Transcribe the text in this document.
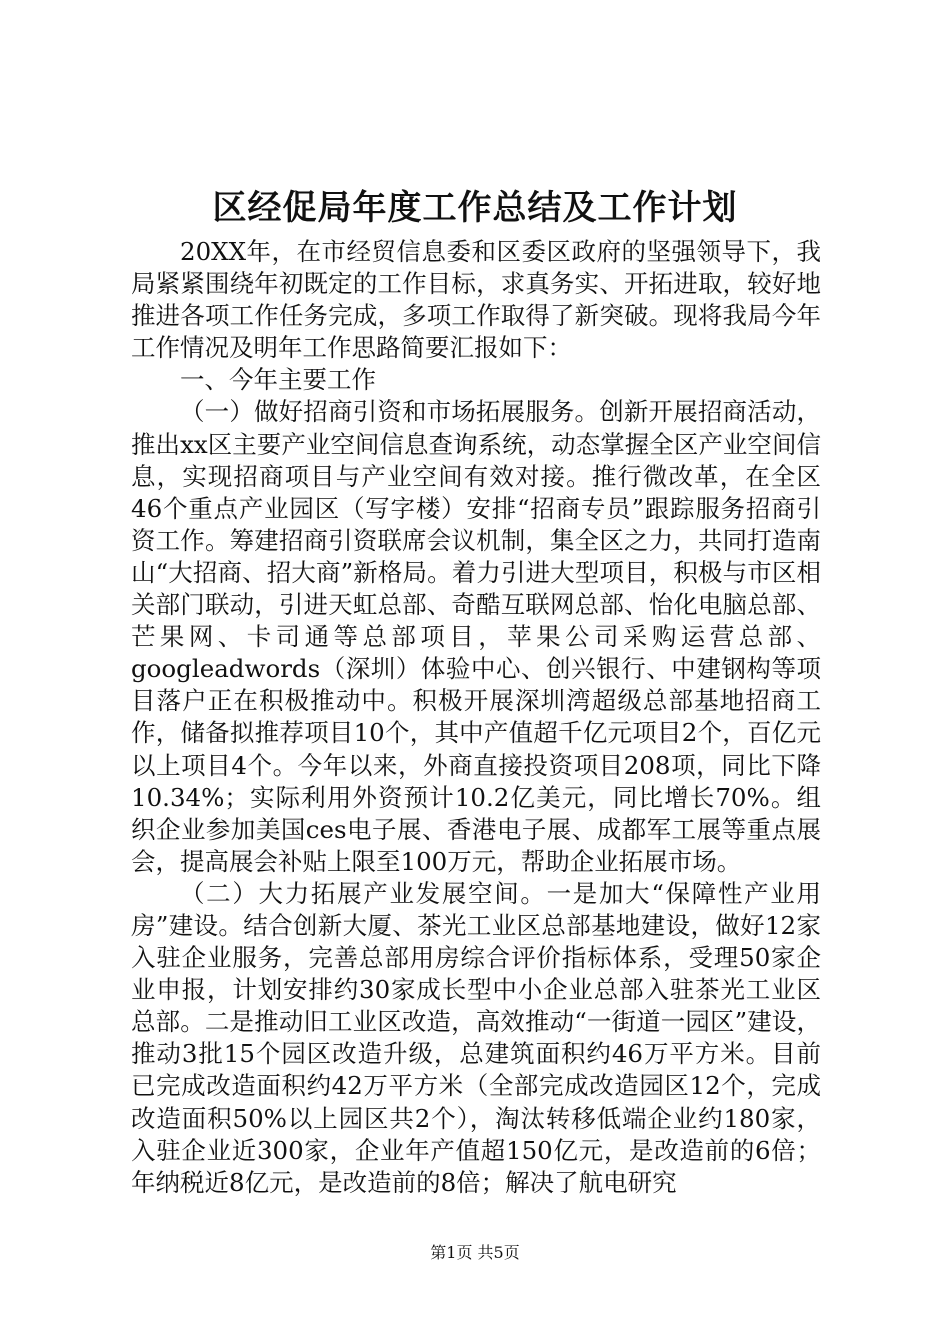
区经促局年度工作总结及工作计划

20XX年，在市经贸信息委和区委区政府的坚强领导下，我局紧紧围绕年初既定的工作目标，求真务实、开拓进取，较好地推进各项工作任务完成，多项工作取得了新突破。现将我局今年工作情况及明年工作思路简要汇报如下：

一、今年主要工作

（一）做好招商引资和市场拓展服务。创新开展招商活动，推出xx区主要产业空间信息查询系统，动态掌握全区产业空间信息，实现招商项目与产业空间有效对接。推行微改革，在全区46个重点产业园区（写字楼）安排“招商专员”跟踪服务招商引资工作。筹建招商引资联席会议机制，集全区之力，共同打造南山“大招商、招大商”新格局。着力引进大型项目，积极与市区相关部门联动，引进天虹总部、奇酷互联网总部、怡化电脑总部、芒果网、卡司通等总部项目，苹果公司采购运营总部、googleadwords（深圳）体验中心、创兴银行、中建钢构等项目落户正在积极推动中。积极开展深圳湾超级总部基地招商工作，储备拟推荐项目10个，其中产值超千亿元项目2个，百亿元以上项目4个。今年以来，外商直接投资项目208项，同比下降10.34%；实际利用外资预计10.2亿美元，同比增长70%。组织企业参加美国ces电子展、香港电子展、成都军工展等重点展会，提高展会补贴上限至100万元，帮助企业拓展市场。

（二）大力拓展产业发展空间。一是加大“保障性产业用房”建设。结合创新大厦、茶光工业区总部基地建设，做好12家入驻企业服务，完善总部用房综合评价指标体系，受理50家企业申报，计划安排约30家成长型中小企业总部入驻茶光工业区总部。二是推动旧工业区改造，高效推动“一街道一园区”建设，推动3批15个园区改造升级，总建筑面积约46万平方米。目前已完成改造面积约42万平方米（全部完成改造园区12个，完成改造面积50%以上园区共2个），淘汰转移低端企业约180家，入驻企业近300家，企业年产值超150亿元，是改造前的6倍；年纳税近8亿元，是改造前的8倍；解决了航电研究

第1页 共5页
